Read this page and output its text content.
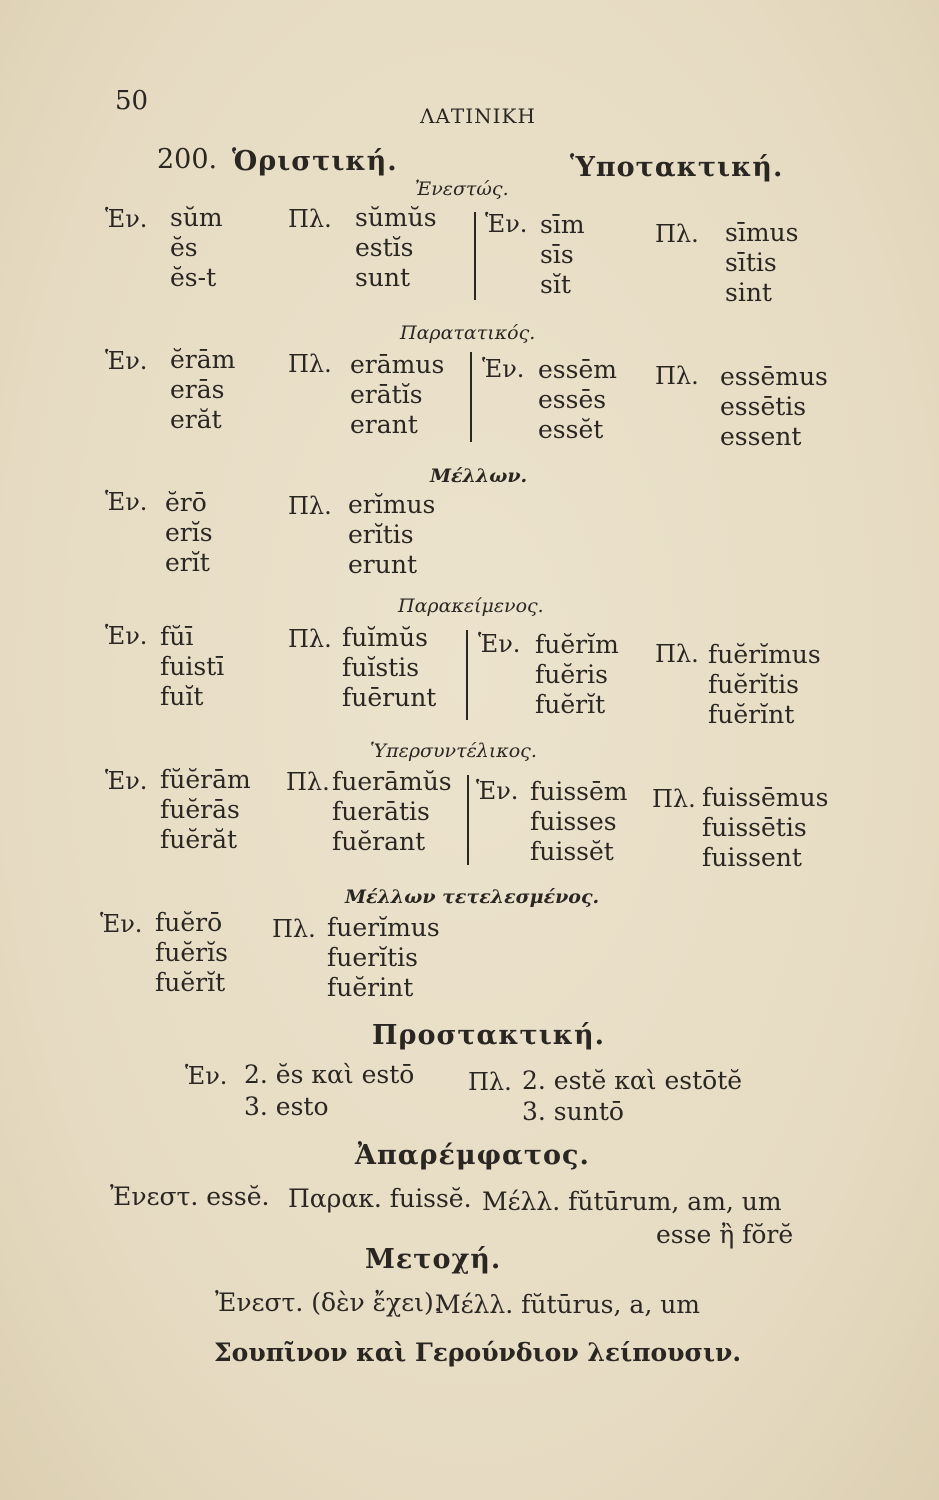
50	ΛΑΤΙΝΙΚΗ
200. Ὁριστική.	Ὑποτακτική.
Ἐνεστώς.
Ἑν. sŭm
ĕs
ĕs-t
Πλ. sŭmŭs
estĭs
sunt
Ἑν. sīm
sīs
sĭt
Πλ. sīmus
sītis
sint
Παρατατικός.
Ἑν. ĕrām
erās
erăt
Πλ. erāmus
erātĭs
erant
Ἑν. essēm
essēs
essĕt
Πλ. essēmus
essētis
essent
Μέλλων.
Ἑν. ĕrō
erĭs
erĭt
Πλ. erĭmus
erĭtis
erunt
Παρακείμενος.
Ἑν. fŭī
fuistī
fuĭt
Πλ. fuĭmŭs
fuĭstis
fuērunt
Ἑν. fuĕrĭm
fuĕris
fuĕrĭt
Πλ. fuĕrĭmus
fuĕrĭtis
fuĕrĭnt
Ὑπερσυντέλικος.
Ἑν. fŭĕrām
fuĕrās
fuĕrăt
Πλ. fuerāmŭs
fuerātis
fuĕrant
Ἑν. fuissēm
fuisses
fuissĕt
Πλ. fuissēmus
fuissētis
fuissent
Μέλλων τετελεσμένος.
Ἑν. fuĕrō
fuĕrĭs
fuĕrĭt
Πλ. fuerĭmus
fuerĭtis
fuĕrint
Προστακτική.
Ἑν. 2. ĕs καὶ estō
3. esto
Πλ. 2. estĕ καὶ estōtĕ
3. suntō
Ἀπαρέμφατος.
Ἐνεστ. essĕ. Παρακ. fuissĕ. Μέλλ. fŭtūrum, am, um
esse ἢ fŏrĕ
Μετοχή.
Ἐνεστ. (δὲν ἔχει).
Μέλλ. fŭtūrus, a, um
Σουπῖνον καὶ Γερούνδιον λείπουσιν.
